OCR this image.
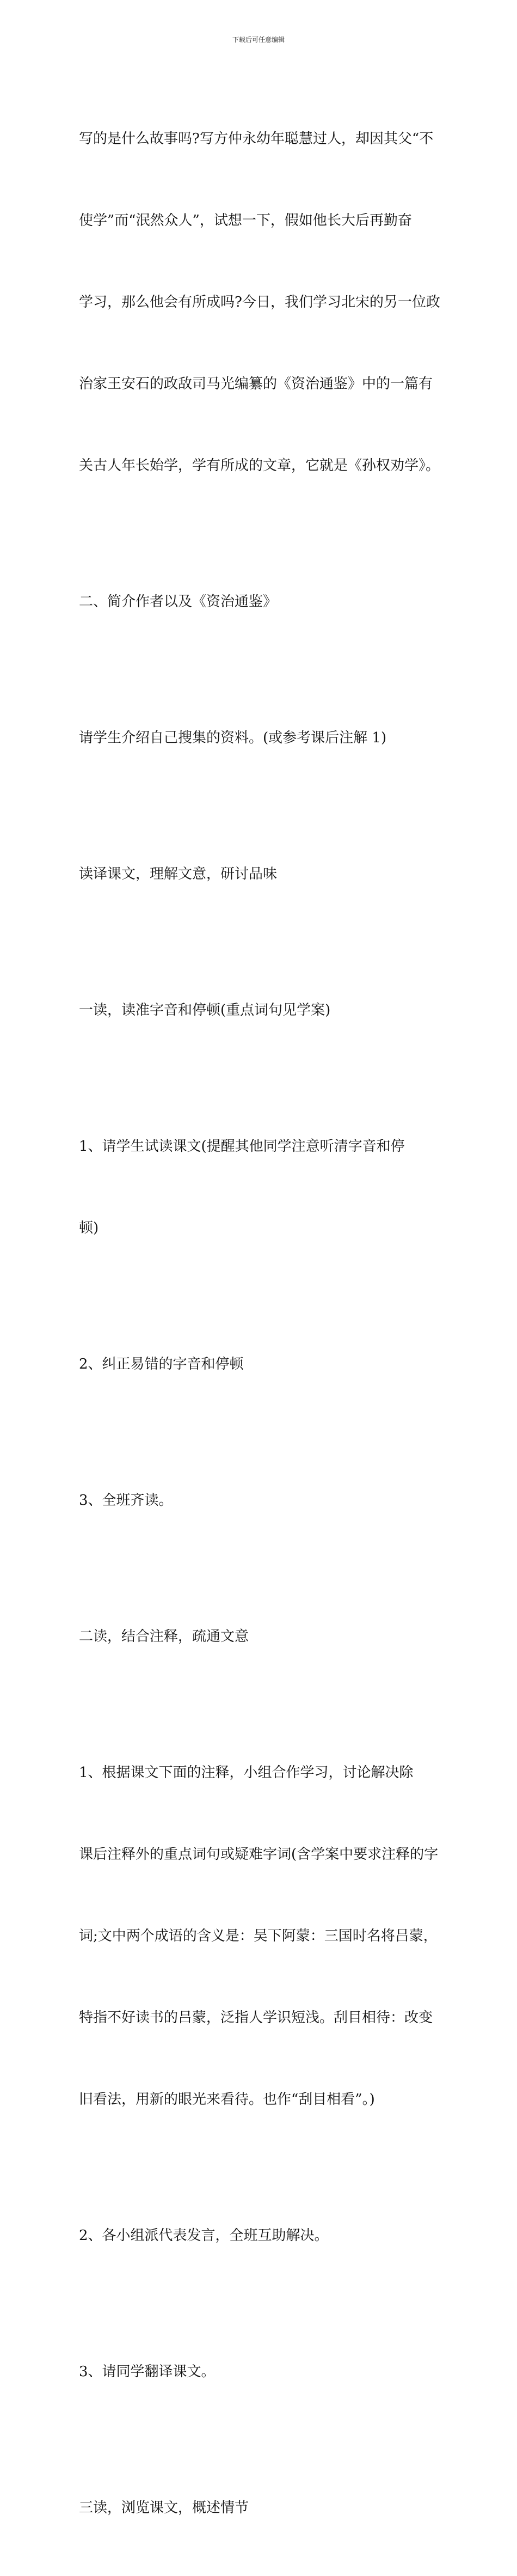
下载后可任意编辑

写的是什么故事吗?写方仲永幼年聪慧过人，却因其父“不

使学”而“泯然众人”，试想一下，假如他长大后再勤奋

学习，那么他会有所成吗?今日，我们学习北宋的另一位政

治家王安石的政敌司马光编纂的《资治通鉴》中的一篇有

关古人年长始学，学有所成的文章，它就是《孙权劝学》。

二、简介作者以及《资治通鉴》

请学生介绍自己搜集的资料。(或参考课后注解 1)

读译课文，理解文意，研讨品味

一读，读准字音和停顿(重点词句见学案)

1、请学生试读课文(提醒其他同学注意听清字音和停

顿)

2、纠正易错的字音和停顿

3、全班齐读。

二读，结合注释，疏通文意

1、根据课文下面的注释，小组合作学习，讨论解决除

课后注释外的重点词句或疑难字词(含学案中要求注释的字

词;文中两个成语的含义是：吴下阿蒙：三国时名将吕蒙，

特指不好读书的吕蒙，泛指人学识短浅。刮目相待：改变

旧看法，用新的眼光来看待。也作“刮目相看”。)

2、各小组派代表发言，全班互助解决。

3、请同学翻译课文。

三读，浏览课文，概述情节
